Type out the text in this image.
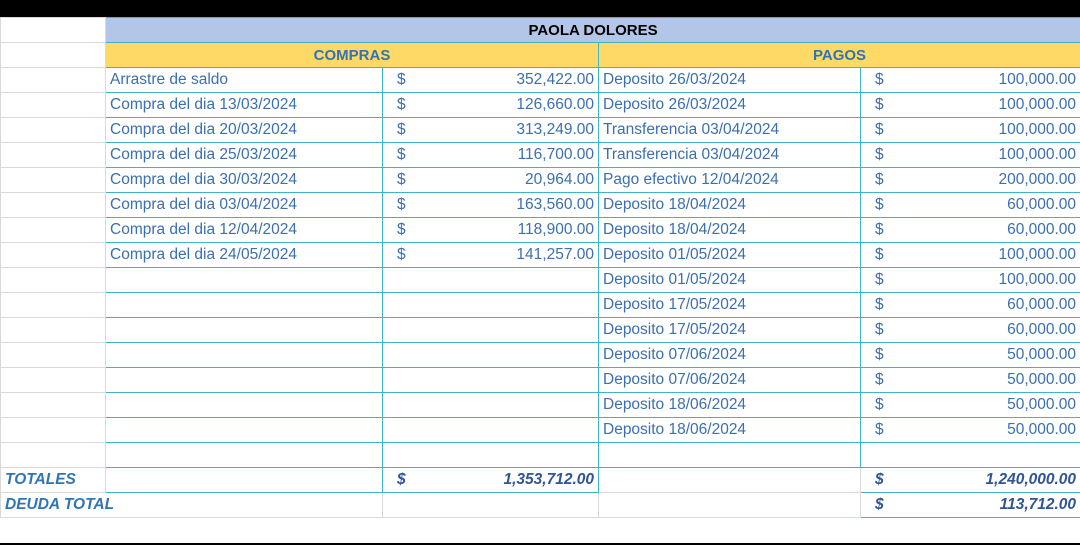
	PAOLA DOLORES			
	COMPRAS		PAGOS	
	Arrastre de saldo	$ 352,422.00	Deposito 26/03/2024	$ 100,000.00

	Compra del dia 13/03/2024	$ 126,660.00	Deposito 26/03/2024	$ 100,000.00

	Compra del dia 20/03/2024	$ 313,249.00	Transferencia 03/04/2024	$ 100,000.00

	Compra del dia 25/03/2024	$ 116,700.00	Transferencia 03/04/2024	$ 100,000.00

	Compra del dia 30/03/2024	$ 20,964.00	Pago efectivo 12/04/2024	$ 200,000.00

	Compra del dia 03/04/2024	$ 163,560.00	Deposito 18/04/2024	$ 60,000.00

	Compra del dia 12/04/2024	$ 118,900.00	Deposito 18/04/2024	$ 60,000.00

	Compra del dia 24/05/2024	$ 141,257.00	Deposito 01/05/2024	$ 100,000.00

			Deposito 01/05/2024	$ 100,000.00

			Deposito 17/05/2024	$ 60,000.00

			Deposito 17/05/2024	$ 60,000.00

			Deposito 07/06/2024	$ 50,000.00

			Deposito 07/06/2024	$ 50,000.00

			Deposito 18/06/2024	$ 50,000.00

			Deposito 18/06/2024	$ 50,000.00

TOTALES		$ 1,353,712.00		$ 1,240,000.00

DEUDA TOTAL				$ 113,712.00
